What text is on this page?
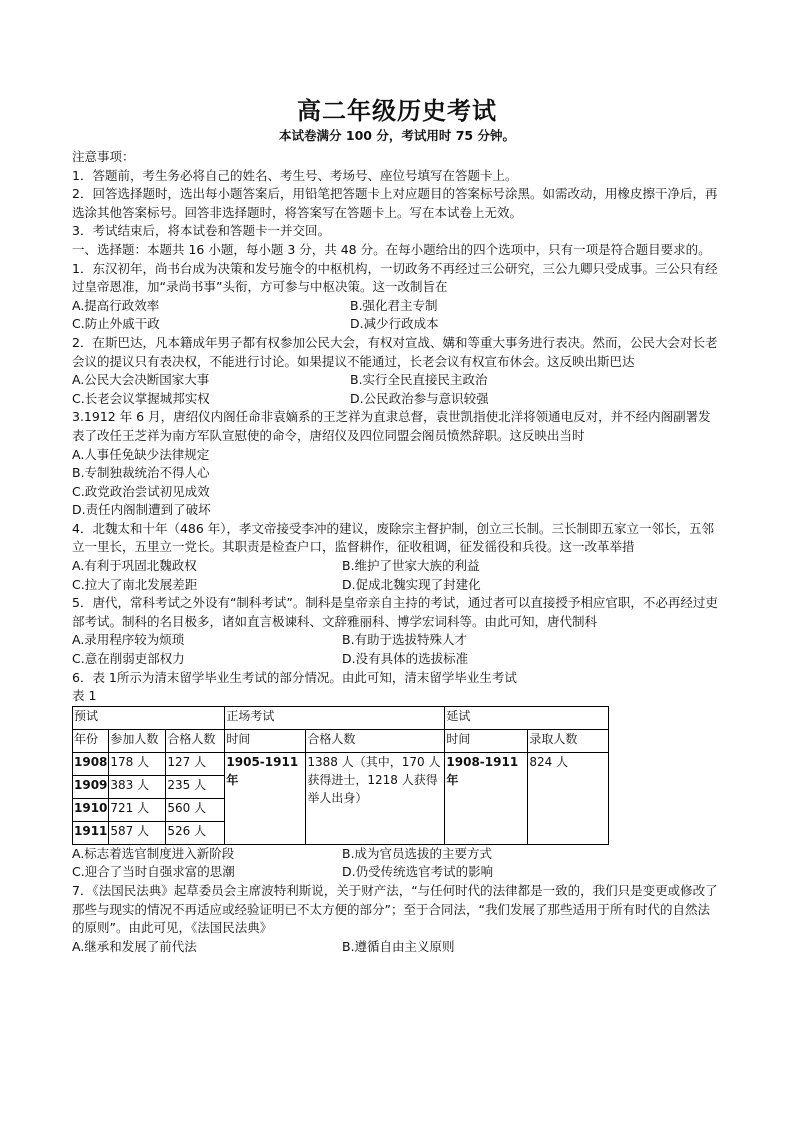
高二年级历史考试
本试卷满分 100 分，考试用时 75 分钟。

注意事项：

1．答题前，考生务必将自己的姓名、考生号、考场号、座位号填写在答题卡上。

2．回答选择题时，选出每小题答案后，用铅笔把答题卡上对应题目的答案标号涂黑。如需改动，用橡皮擦干净后，再选涂其他答案标号。回答非选择题时，将答案写在答题卡上。写在本试卷上无效。

3．考试结束后，将本试卷和答题卡一并交回。

一、选择题：本题共 16 小题，每小题 3 分，共 48 分。在每小题给出的四个选项中，只有一项是符合题目要求的。

1．东汉初年，尚书台成为决策和发号施令的中枢机构，一切政务不再经过三公研究，三公九卿只受成事。三公只有经过皇帝恩准，加“录尚书事”头衔，方可参与中枢决策。这一改制旨在

A.提高行政效率	B.强化君主专制
C.防止外戚干政	D.减少行政成本

2．在斯巴达，凡本籍成年男子都有权参加公民大会，有权对宣战、媾和等重大事务进行表决。然而，公民大会对长老会议的提议只有表决权，不能进行讨论。如果提议不能通过，长老会议有权宣布休会。这反映出斯巴达

A.公民大会决断国家大事	B.实行全民直接民主政治
C.长老会议掌握城邦实权	D.公民政治参与意识较强

3.1912 年 6 月，唐绍仪内阁任命非袁嫡系的王芝祥为直隶总督，袁世凯指使北洋将领通电反对，并不经内阁副署发表了改任王芝祥为南方军队宣慰使的命令，唐绍仪及四位同盟会阁员愤然辞职。这反映出当时

A.人事任免缺少法律规定
B.专制独裁统治不得人心
C.政党政治尝试初见成效
D.责任内阁制遭到了破坏

4．北魏太和十年（486 年），孝文帝接受李冲的建议，废除宗主督护制，创立三长制。三长制即五家立一邻长，五邻立一里长，五里立一党长。其职责是检查户口，监督耕作，征收租调，征发徭役和兵役。这一改革举措

A.有利于巩固北魏政权	B.维护了世家大族的利益
C.拉大了南北发展差距	D.促成北魏实现了封建化

5．唐代，常科考试之外设有“制科考试”。制科是皇帝亲自主持的考试，通过者可以直接授予相应官职，不必再经过吏部考试。制科的名目极多，诸如直言极谏科、文辞雅丽科、博学宏词科等。由此可知，唐代制科

A.录用程序较为烦琐	B.有助于选拔特殊人才
C.意在削弱吏部权力	D.没有具体的选拔标准

6．表 1所示为清末留学毕业生考试的部分情况。由此可知，清末留学毕业生考试

表 1

预试			正场考试		延试	
年份	参加人数	合格人数	时间	合格人数	时间	录取人数
1908	178 人	127 人	1905-1911 年	1388 人（其中，170 人获得进士，1218 人获得举人出身）	1908-1911 年	824 人
1909	383 人	235 人				
1910	721 人	560 人				
1911	587 人	526 人				
A.标志着选官制度进入新阶段	B.成为官员选拔的主要方式
C.迎合了当时自强求富的思潮	D.仍受传统选官考试的影响

7．《法国民法典》起草委员会主席波特利斯说，关于财产法，“与任何时代的法律都是一致的，我们只是变更或修改了那些与现实的情况不再适应或经验证明已不太方便的部分”；至于合同法，“我们发展了那些适用于所有时代的自然法的原则”。由此可见，《法国民法典》

A.继承和发展了前代法	B.遵循自由主义原则
